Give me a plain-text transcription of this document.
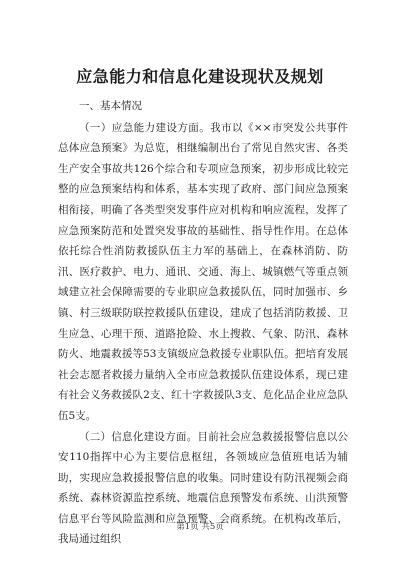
应急能力和信息化建设现状及规划
一、基本情况

（一）应急能力建设方面。我市以《××市突发公共事件总体应急预案》为总览，相继编制出台了常见自然灾害、各类生产安全事故共126个综合和专项应急预案，初步形成比较完整的应急预案结构和体系，基本实现了政府、部门间应急预案相衔接，明确了各类型突发事件应对机构和响应流程，发挥了应急预案防范和处置突发事故的基础性、指导性作用。在总体依托综合性消防救援队伍主力军的基础上，在森林消防、防汛、医疗救护、电力、通讯、交通、海上、城镇燃气等重点领域建立社会保障需要的专业职应急救援队伍，同时加强市、乡镇、村三级联防联控救援队伍建设，建成了包括消防救援、卫生应急、心理干预、道路抢险、水上搜救、气象、防汛、森林防火、地震救援等53支镇级应急救援专业职队伍。把培育发展社会志愿者救援力量纳入全市应急救援队伍建设体系，现已建有社会义务救援队2支、红十字救援队3支、危化品企业应急队伍5支。

（二）信息化建设方面。目前社会应急救援报警信息以公安110指挥中心为主要信息枢纽，各领域应急值班电话为辅助，实现应急救援报警信息的收集。同时建设有防汛视频会商系统、森林资源监控系统、地震信息预警发布系统、山洪预警信息平台等风险监测和应急预警、会商系统。在机构改革后，我局通过组织

第1页 共5页
